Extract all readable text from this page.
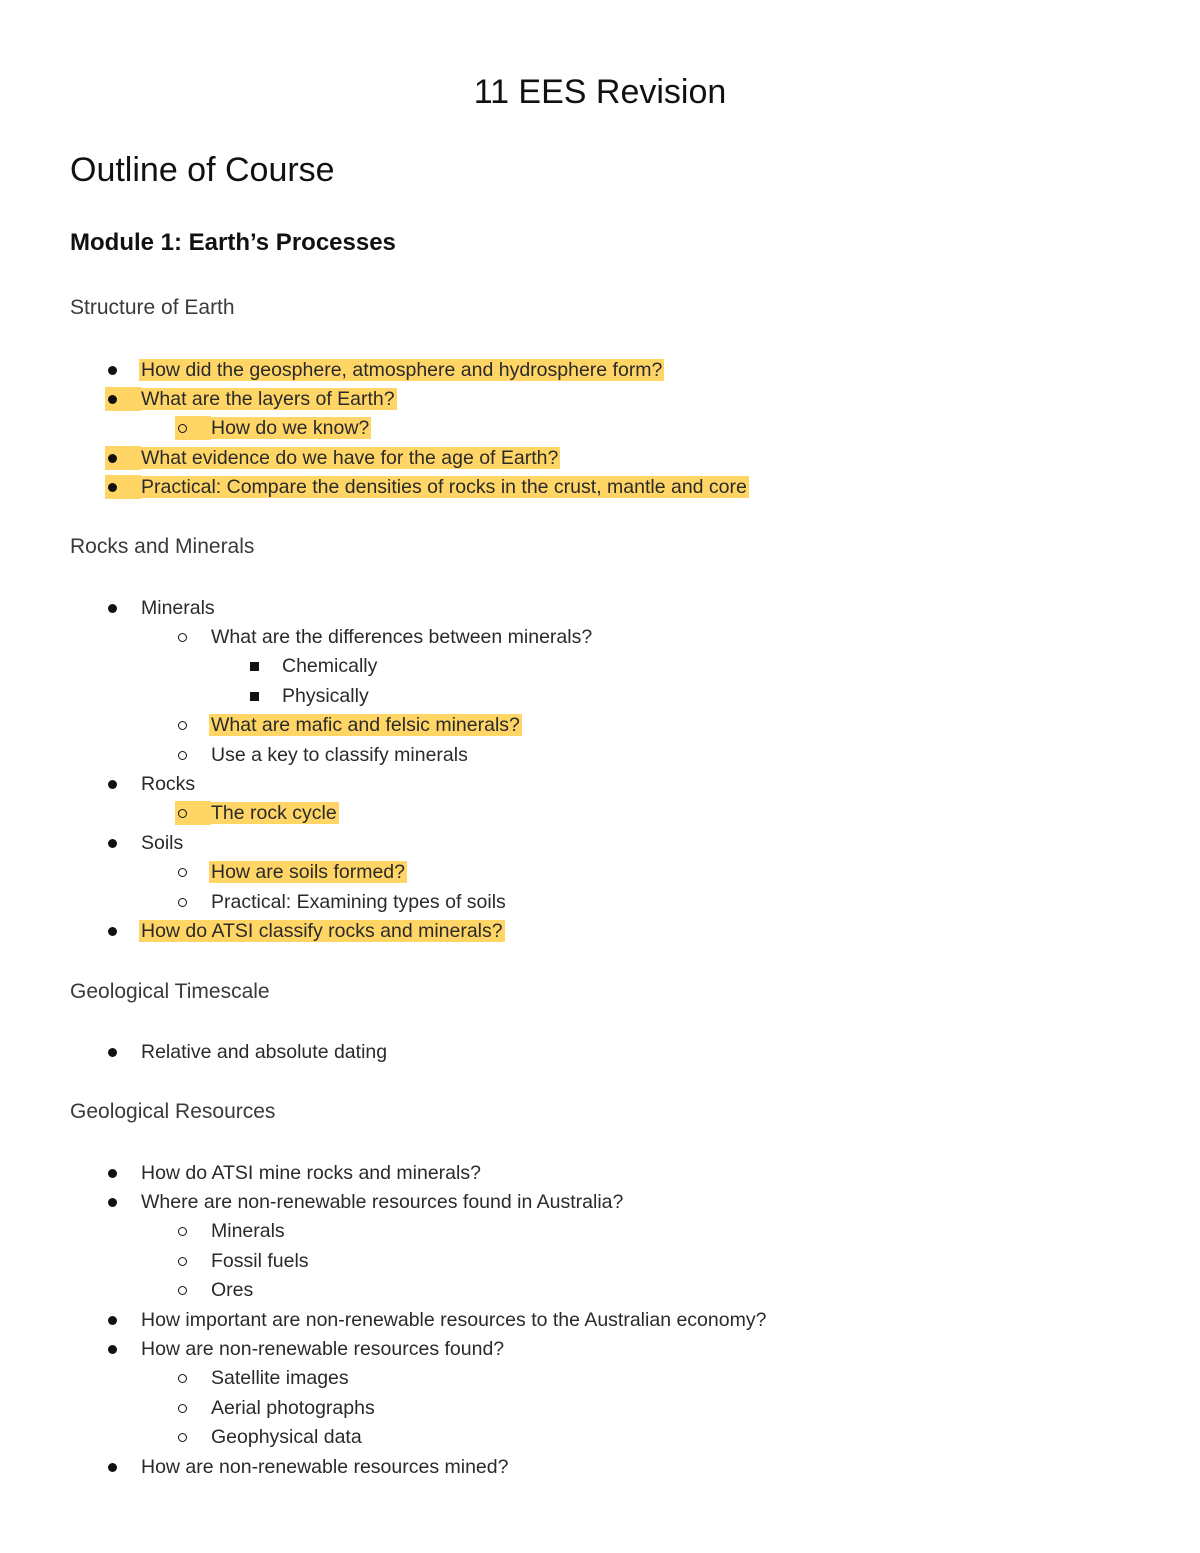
11 EES Revision
Outline of Course
Module 1: Earth’s Processes
Structure of Earth
How did the geosphere, atmosphere and hydrosphere form?
What are the layers of Earth?
How do we know?
What evidence do we have for the age of Earth?
Practical: Compare the densities of rocks in the crust, mantle and core
Rocks and Minerals
Minerals
What are the differences between minerals?
Chemically
Physically
What are mafic and felsic minerals?
Use a key to classify minerals
Rocks
The rock cycle
Soils
How are soils formed?
Practical: Examining types of soils
How do ATSI classify rocks and minerals?
Geological Timescale
Relative and absolute dating
Geological Resources
How do ATSI mine rocks and minerals?
Where are non-renewable resources found in Australia?
Minerals
Fossil fuels
Ores
How important are non-renewable resources to the Australian economy?
How are non-renewable resources found?
Satellite images
Aerial photographs
Geophysical data
How are non-renewable resources mined?
